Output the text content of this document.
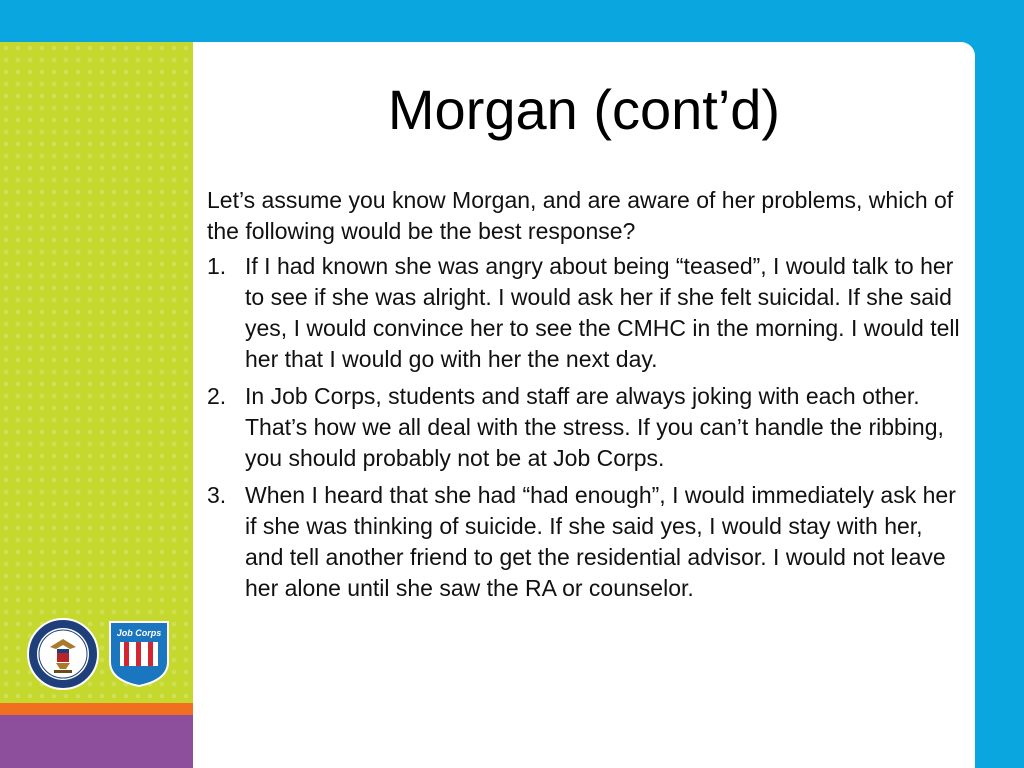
Morgan (cont’d)

Let’s assume you know Morgan, and are aware of her problems, which of the following would be the best response?

1. If I had known she was angry about being “teased”, I would talk to her to see if she was alright. I would ask her if she felt suicidal. If she said yes, I would convince her to see the CMHC in the morning. I would tell her that I would go with her the next day.
2. In Job Corps, students and staff are always joking with each other. That’s how we all deal with the stress. If you can’t handle the ribbing, you should probably not be at Job Corps.
3. When I heard that she had “had enough”, I would immediately ask her if she was thinking of suicide. If she said yes, I would stay with her, and tell another friend to get the residential advisor. I would not leave her alone until she saw the RA or counselor.
Job Corps
